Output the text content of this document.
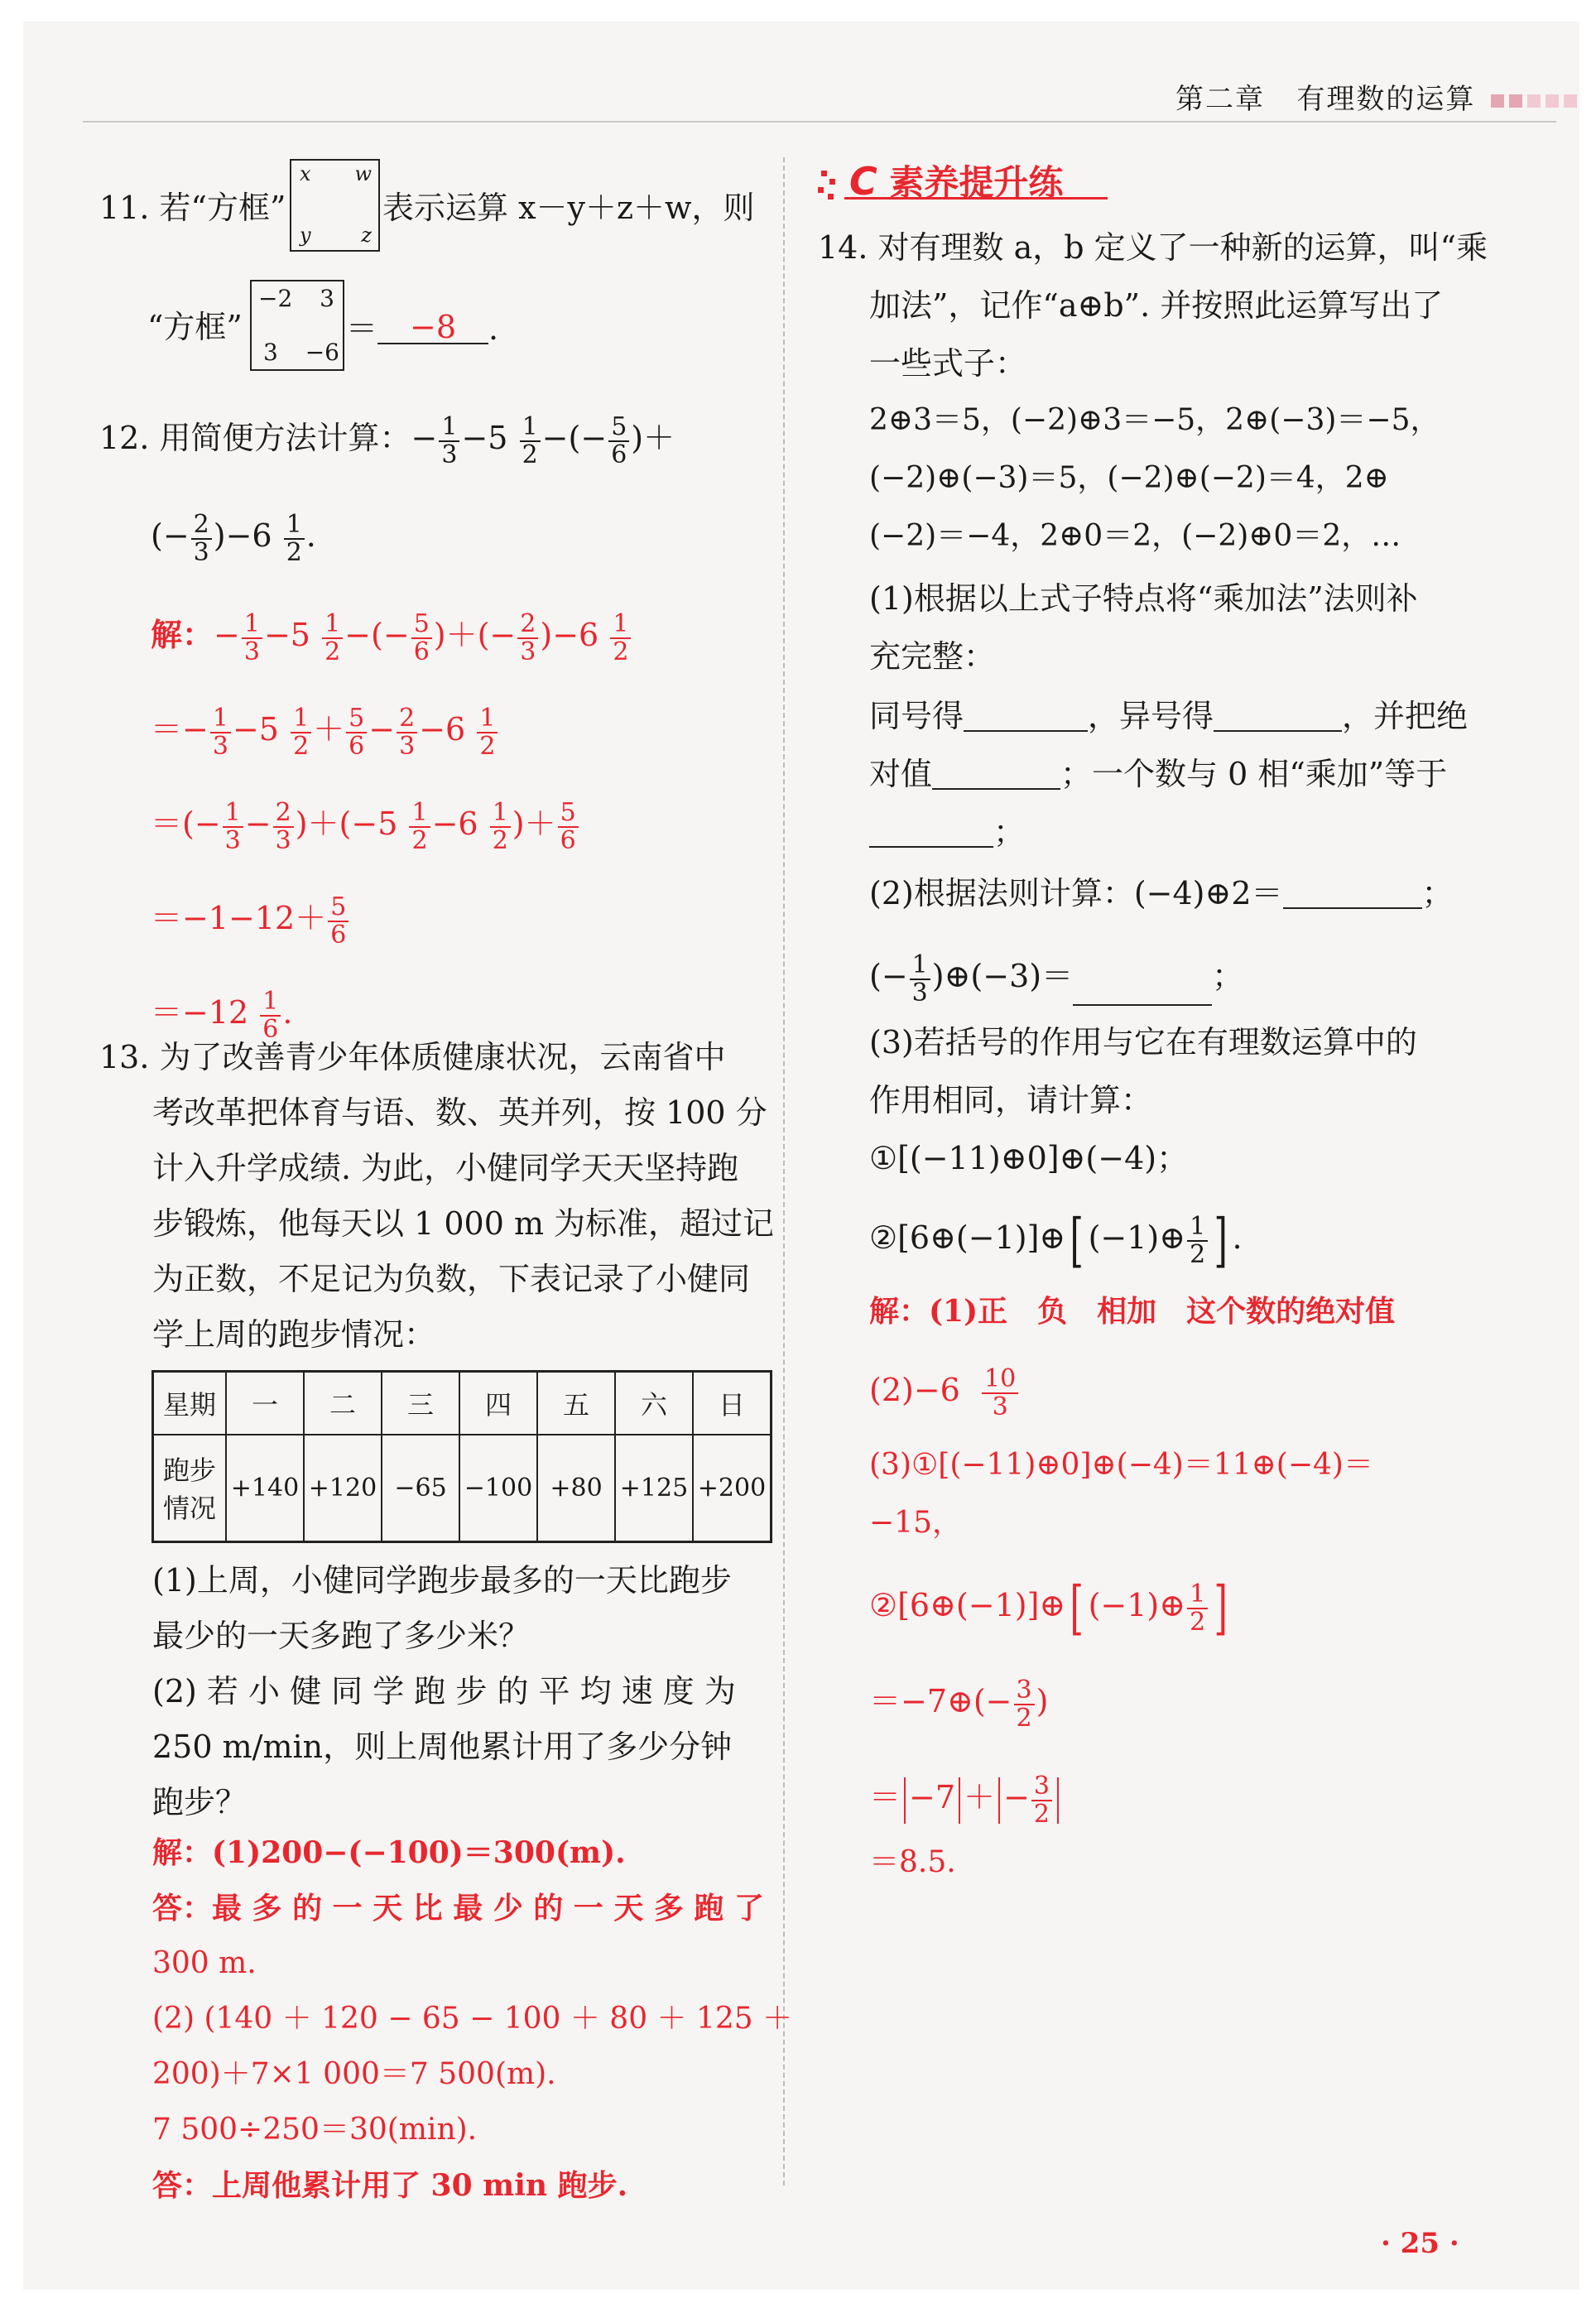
第二章 有理数的运算
11. 若“方框”
x w
y	z
表示运算 x－y＋z＋w，则
“方框”
−2 3
3 −6
＝ −8 .
12. 用简便方法计算：− $\frac{1}{3} -5 \frac{1}{2}$ −(− $\frac{5}{6}$ )＋
(− $\frac{2}{3} )-6 \frac{1}{2}$ .
解：− $\frac{1}{3} -5 \frac{1}{2}$ −(− $\frac{5}{6}$ )＋(− $\frac{2}{3} )-6 \frac{1}{2}$
＝− $\frac{1}{3} -5 \frac{1}{2} + \frac{5}{6} - \frac{2}{3} -6 \frac{1}{2}$
＝(− $\frac{1}{3} - \frac{2}{3} )+(-5 \frac{1}{2} -6 \frac{1}{2}$ )＋ $\frac{5}{6}$
$=-1-12+ \frac{5}{6}$
$=-12 \frac{1}{6}$ .
13. 为了改善青少年体质健康状况，云南省中
考改革把体育与语、数、英并列，按 100 分
计入升学成绩. 为此，小健同学天天坚持跑
步锻炼，他每天以 1 000 m 为标准，超过记
为正数，不足记为负数，下表记录了小健同
学上周的跑步情况：
星期	一	二	三	四	五	六	日
跑步
情况	+140	+120	−65	−100	+80	+125	+200
(1)上周，小健同学跑步最多的一天比跑步
最少的一天多跑了多少米？
(2) 若 小 健 同 学 跑 步 的 平 均 速 度 为
250 m/min，则上周他累计用了多少分钟
跑步？
解：(1)200−(−100)＝300(m).
答：最 多 的 一 天 比 最 少 的 一 天 多 跑 了
300 m.
(2) (140 ＋ 120 − 65 − 100 ＋ 80 ＋ 125 ＋
200)＋7×1 000＝7 500(m).
7 500÷250＝30(min).
答：上周他累计用了 30 min 跑步.
C 素养提升练
14. 对有理数 a，b 定义了一种新的运算，叫“乘
加法”，记作“a⊕b”. 并按照此运算写出了
一些式子：
2⊕3＝5，(−2)⊕3＝−5，2⊕(−3)＝−5，
(−2)⊕(−3)＝5，(−2)⊕(−2)＝4，2⊕
(−2)＝−4，2⊕0＝2，(−2)⊕0＝2，…
(1)根据以上式子特点将“乘加法”法则补
充完整：
同号得	，异号得	，并把绝
对值	；一个数与 0 相“乘加”等于
；
(2)根据法则计算：(−4)⊕2＝	；
(− $\frac{1}{3}$ )⊕(−3)＝	；
(3)若括号的作用与它在有理数运算中的
作用相同，请计算：
①[(−11)⊕0]⊕(−4)；
②[6⊕(−1)]⊕[ (−1)⊕ $\frac{1}{2}$ ] .
解：(1)正　负　相加　这个数的绝对值
$(2)-6 \frac{10}{3}$
(3)①[(−11)⊕0]⊕(−4)＝11⊕(−4)＝
−15，
②[6⊕(−1)]⊕[ (−1)⊕ $\frac{1}{2}$ ]
＝−7⊕(− $\frac{3}{2}$ )
＝ −7 ＋ − $\frac{3}{2}$
＝8.5.
· 25 ·
